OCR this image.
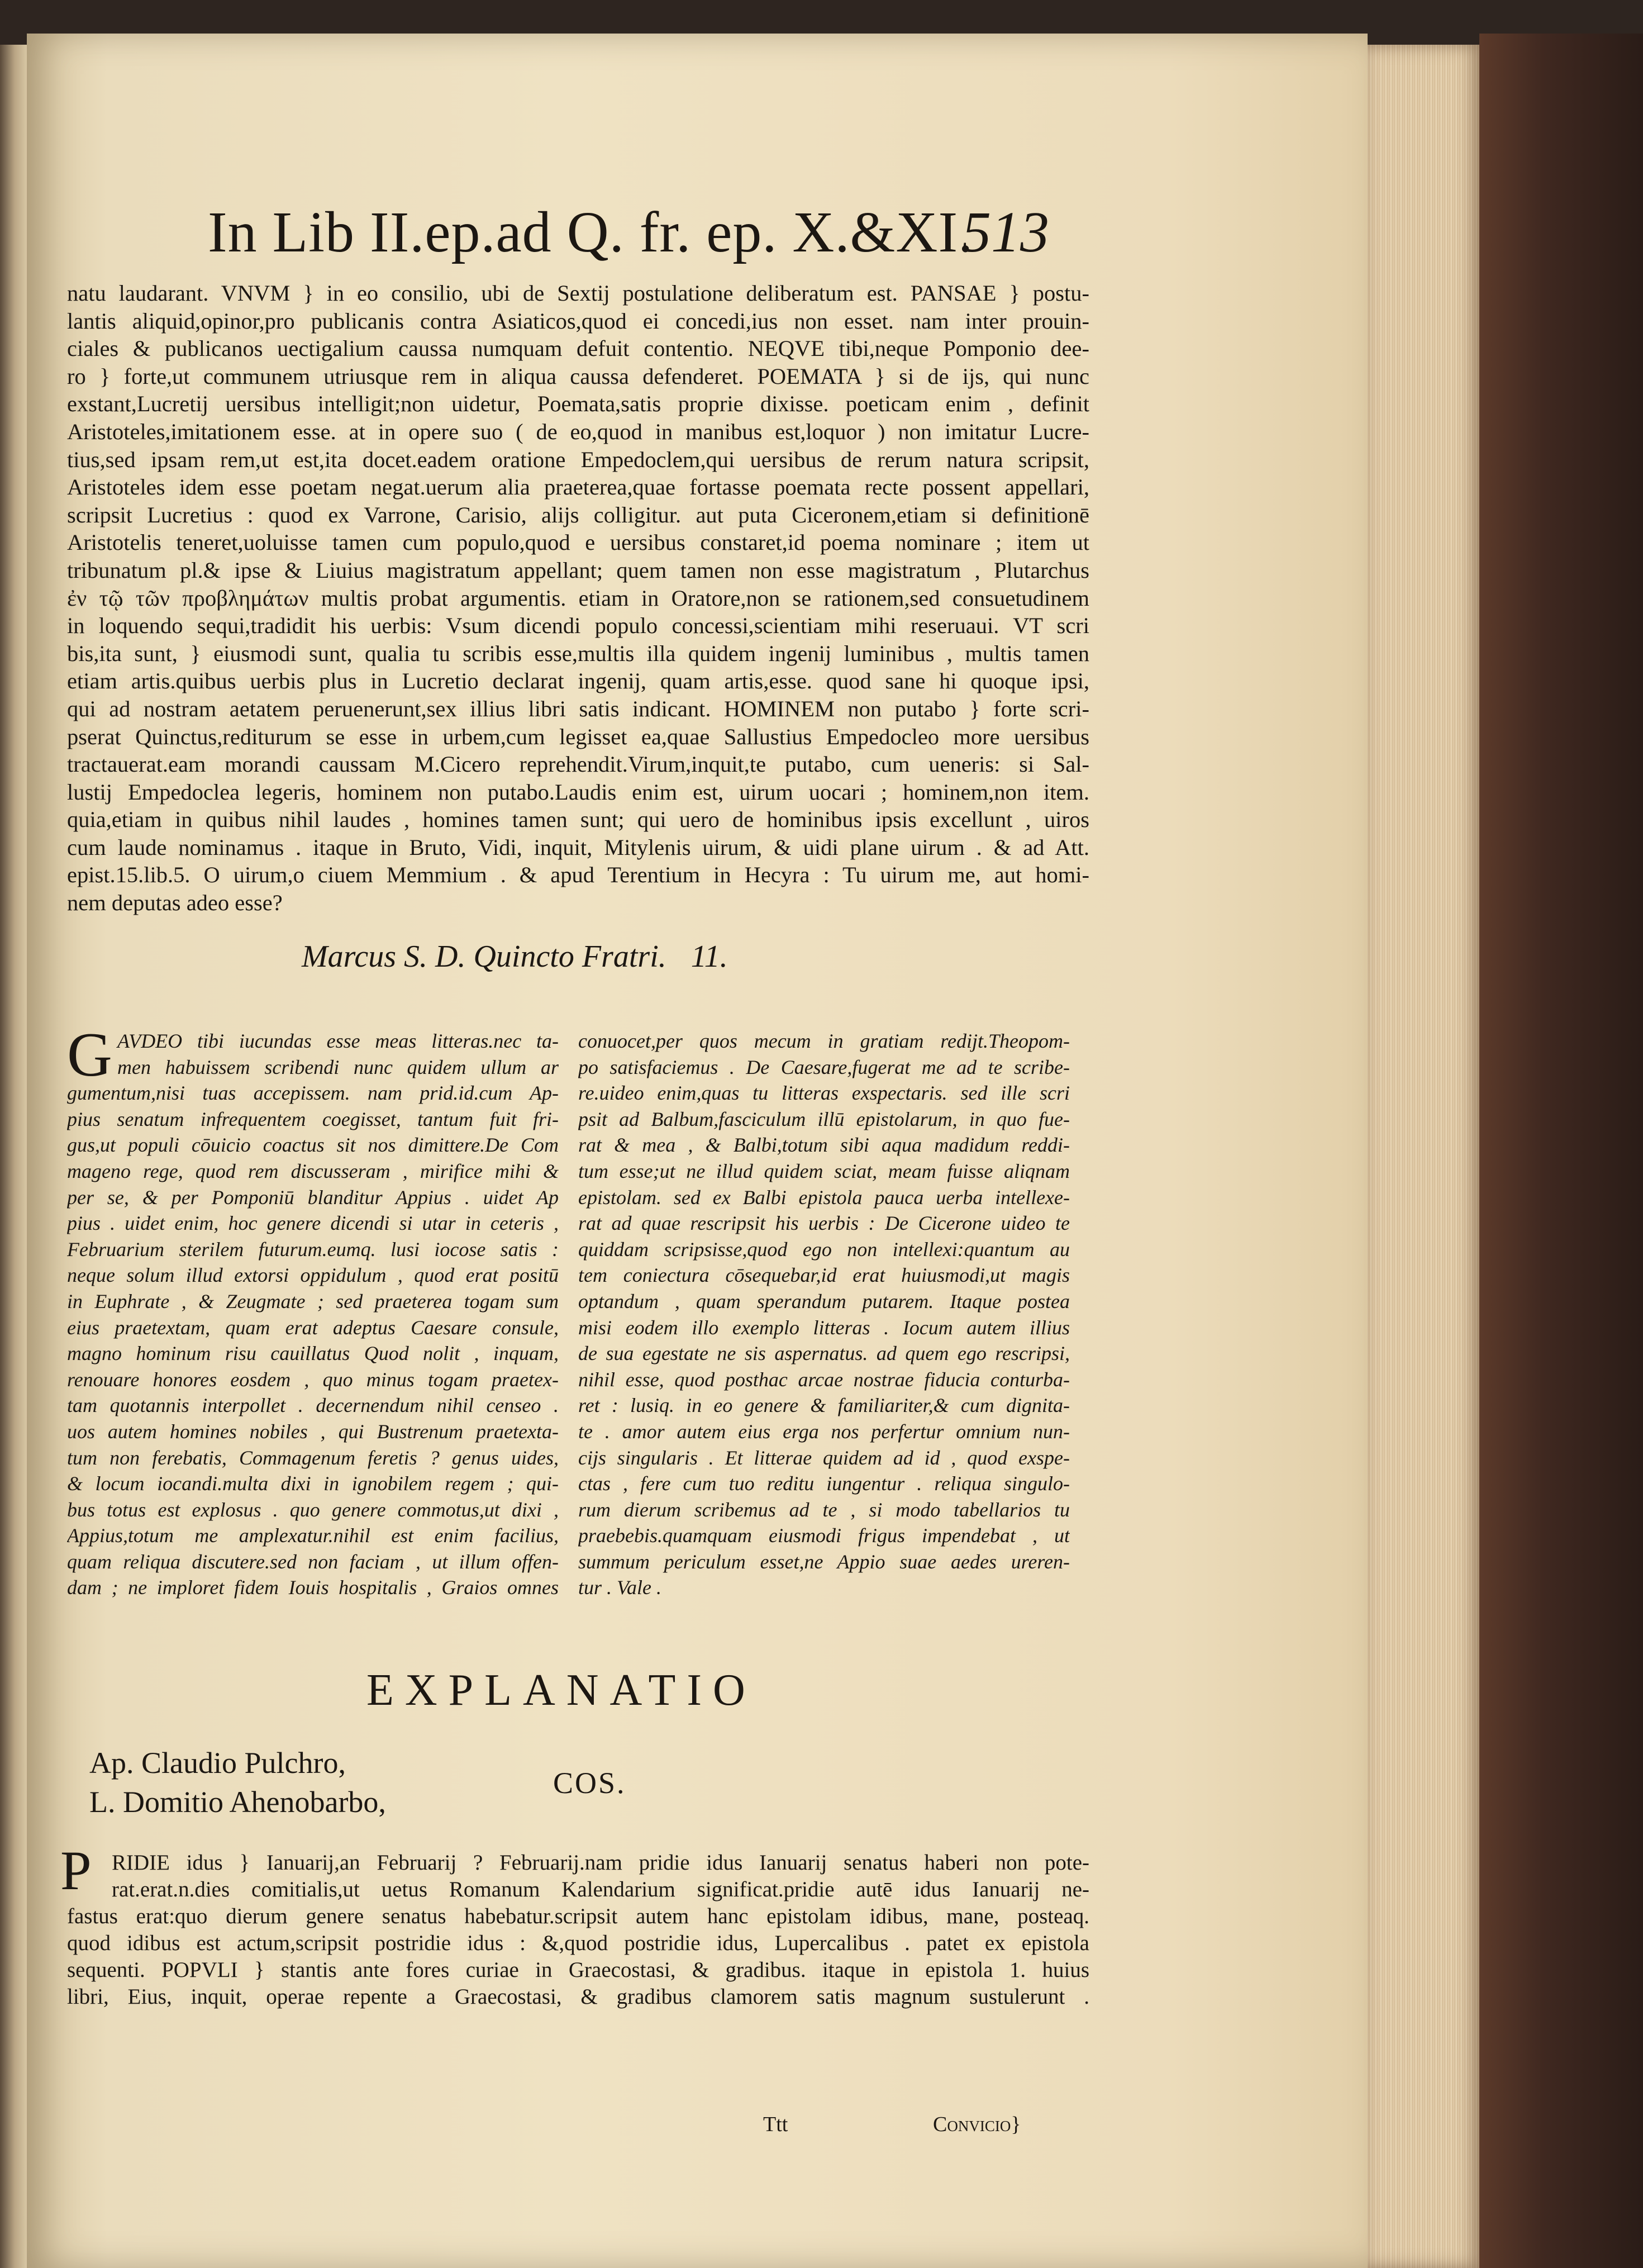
In Lib II.ep.ad Q. fr. ep. X.&XI.
513
natu laudarant. VNVM } in eo consilio, ubi de Sextij postulatione deliberatum est. PANSAE } postu-
lantis aliquid,opinor,pro publicanis contra Asiaticos,quod ei concedi,ius non esset. nam inter prouin-
ciales & publicanos uectigalium caussa numquam defuit contentio. NEQVE tibi,neque Pomponio dee-
ro } forte,ut communem utriusque rem in aliqua caussa defenderet. POEMATA } si de ijs, qui nunc
exstant,Lucretij uersibus intelligit;non uidetur, Poemata,satis proprie dixisse. poeticam enim , definit
Aristoteles,imitationem esse. at in opere suo ( de eo,quod in manibus est,loquor ) non imitatur Lucre-
tius,sed ipsam rem,ut est,ita docet.eadem oratione Empedoclem,qui uersibus de rerum natura scripsit,
Aristoteles idem esse poetam negat.uerum alia praeterea,quae fortasse poemata recte possent appellari,
scripsit Lucretius : quod ex Varrone, Carisio, alijs colligitur. aut puta Ciceronem,etiam si definitionē
Aristotelis teneret,uoluisse tamen cum populo,quod e uersibus constaret,id poema nominare ; item ut
tribunatum pl.& ipse & Liuius magistratum appellant; quem tamen non esse magistratum , Plutarchus
ἐν τῷ τῶν προβλημάτων multis probat argumentis. etiam in Oratore,non se rationem,sed consuetudinem
in loquendo sequi,tradidit his uerbis: Vsum dicendi populo concessi,scientiam mihi reseruaui. VT scri
bis,ita sunt, } eiusmodi sunt, qualia tu scribis esse,multis illa quidem ingenij luminibus , multis tamen
etiam artis.quibus uerbis plus in Lucretio declarat ingenij, quam artis,esse. quod sane hi quoque ipsi,
qui ad nostram aetatem peruenerunt,sex illius libri satis indicant. HOMINEM non putabo } forte scri-
pserat Quinctus,rediturum se esse in urbem,cum legisset ea,quae Sallustius Empedocleo more uersibus
tractauerat.eam morandi caussam M.Cicero reprehendit.Virum,inquit,te putabo, cum ueneris: si Sal-
lustij Empedoclea legeris, hominem non putabo.Laudis enim est, uirum uocari ; hominem,non item.
quia,etiam in quibus nihil laudes , homines tamen sunt; qui uero de hominibus ipsis excellunt , uiros
cum laude nominamus . itaque in Bruto, Vidi, inquit, Mitylenis uirum, & uidi plane uirum . & ad Att.
epist.15.lib.5. O uirum,o ciuem Memmium . & apud Terentium in Hecyra : Tu uirum me, aut homi-
nem deputas adeo esse?
Marcus S. D. Quincto Fratri. 11.
G AVDEO tibi iucundas esse meas litteras.nec ta-
men habuissem scribendi nunc quidem ullum ar
gumentum,nisi tuas accepissem. nam prid.id.cum Ap-
pius senatum infrequentem coegisset, tantum fuit fri-
gus,ut populi cōuicio coactus sit nos dimittere.De Com
mageno rege, quod rem discusseram , mirifice mihi &
per se, & per Pomponiū blanditur Appius . uidet Ap
pius . uidet enim, hoc genere dicendi si utar in ceteris ,
Februarium sterilem futurum.eumq. lusi iocose satis :
neque solum illud extorsi oppidulum , quod erat positū
in Euphrate , & Zeugmate ; sed praeterea togam sum
eius praetextam, quam erat adeptus Caesare consule,
magno hominum risu cauillatus Quod nolit , inquam,
renouare honores eosdem , quo minus togam praetex-
tam quotannis interpollet . decernendum nihil censeo .
uos autem homines nobiles , qui Bustrenum praetexta-
tum non ferebatis, Commagenum feretis ? genus uides,
& locum iocandi.multa dixi in ignobilem regem ; qui-
bus totus est explosus . quo genere commotus,ut dixi ,
Appius,totum me amplexatur.nihil est enim facilius,
quam reliqua discutere.sed non faciam , ut illum offen-
dam ; ne imploret fidem Iouis hospitalis , Graios omnes
conuocet,per quos mecum in gratiam redijt.Theopom-
po satisfaciemus . De Caesare,fugerat me ad te scribe-
re.uideo enim,quas tu litteras exspectaris. sed ille scri
psit ad Balbum,fasciculum illū epistolarum, in quo fue-
rat & mea , & Balbi,totum sibi aqua madidum reddi-
tum esse;ut ne illud quidem sciat, meam fuisse aliqnam
epistolam. sed ex Balbi epistola pauca uerba intellexe-
rat ad quae rescripsit his uerbis : De Cicerone uideo te
quiddam scripsisse,quod ego non intellexi:quantum au
tem coniectura cōsequebar,id erat huiusmodi,ut magis
optandum , quam sperandum putarem. Itaque postea
misi eodem illo exemplo litteras . Iocum autem illius
de sua egestate ne sis aspernatus. ad quem ego rescripsi,
nihil esse, quod posthac arcae nostrae fiducia conturba-
ret : lusiq. in eo genere & familiariter,& cum dignita-
te . amor autem eius erga nos perfertur omnium nun-
cijs singularis . Et litterae quidem ad id , quod exspe-
ctas , fere cum tuo reditu iungentur . reliqua singulo-
rum dierum scribemus ad te , si modo tabellarios tu
praebebis.quamquam eiusmodi frigus impendebat , ut
summum periculum esset,ne Appio suae aedes ureren-
tur . Vale .
EXPLANATIO
Ap. Claudio Pulchro,
L. Domitio Ahenobarbo,
COS.
P RIDIE idus } Ianuarij,an Februarij ? Februarij.nam pridie idus Ianuarij senatus haberi non pote-
rat.erat.n.dies comitialis,ut uetus Romanum Kalendarium significat.pridie autē idus Ianuarij ne-
fastus erat:quo dierum genere senatus habebatur.scripsit autem hanc epistolam idibus, mane, posteaq.
quod idibus est actum,scripsit postridie idus : &,quod postridie idus, Lupercalibus . patet ex epistola
sequenti. POPVLI } stantis ante fores curiae in Graecostasi, & gradibus. itaque in epistola 1. huius
libri, Eius, inquit, operae repente a Graecostasi, & gradibus clamorem satis magnum sustulerunt .
Ttt	Convicio}
